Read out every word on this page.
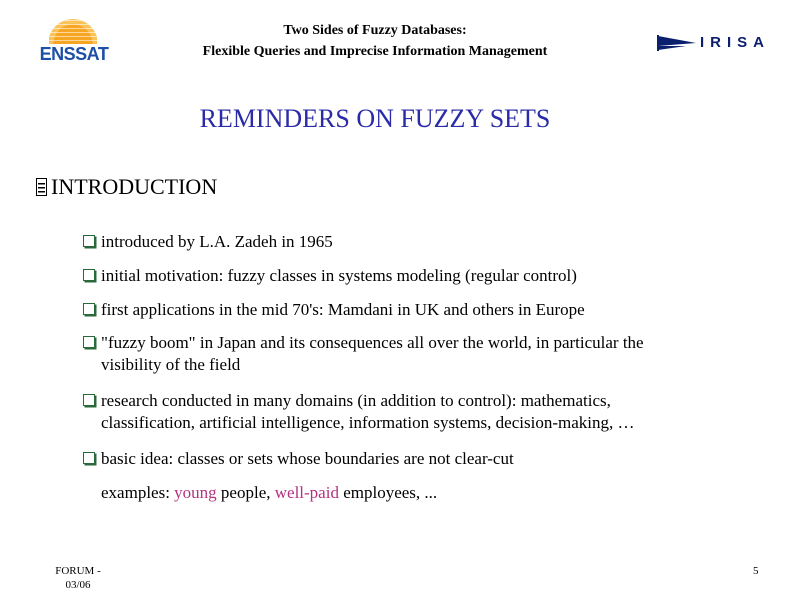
ENSSAT
Two Sides of Fuzzy Databases:
Flexible Queries and Imprecise Information Management
IRISA
REMINDERS ON FUZZY SETS
INTRODUCTION
introduced by L.A. Zadeh in 1965
initial motivation: fuzzy classes in systems modeling (regular control)
first applications in the mid 70's: Mamdani in UK and others in Europe
"fuzzy boom" in Japan and its consequences all over the world, in particular the
visibility of the field
research conducted in many domains (in addition to control): mathematics,
classification, artificial intelligence, information systems, decision-making, …
basic idea: classes or sets whose boundaries are not clear-cut
examples: young people, well-paid employees, ...
FORUM -
03/06
5
